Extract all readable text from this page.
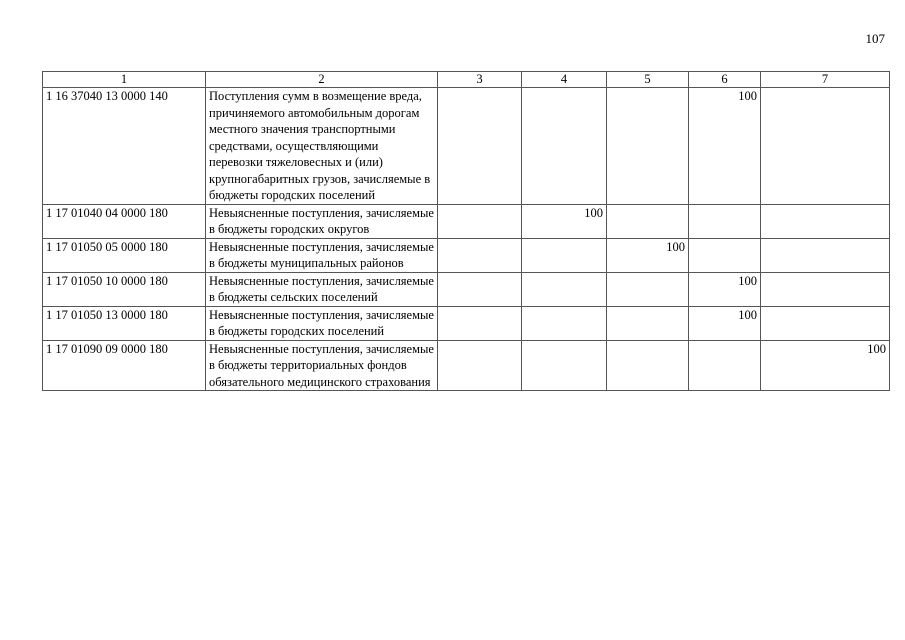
107
1	2	3	4	5	6	7
1 16 37040 13 0000 140	Поступления сумм в возмещение вреда, причиняемого автомобильным дорогам местного значения транспортными средствами, осуществляющими перевозки тяжеловесных и (или) крупногабаритных грузов, зачисляемые в бюджеты городских поселений				100	
1 17 01040 04 0000 180	Невыясненные поступления, зачисляемые в бюджеты городских округов		100			
1 17 01050 05 0000 180	Невыясненные поступления, зачисляемые в бюджеты муниципальных районов			100		
1 17 01050 10 0000 180	Невыясненные поступления, зачисляемые в бюджеты сельских поселений				100	
1 17 01050 13 0000 180	Невыясненные поступления, зачисляемые в бюджеты городских поселений				100	
1 17 01090 09 0000 180	Невыясненные поступления, зачисляемые в бюджеты территориальных фондов обязательного медицинского страхования					100
